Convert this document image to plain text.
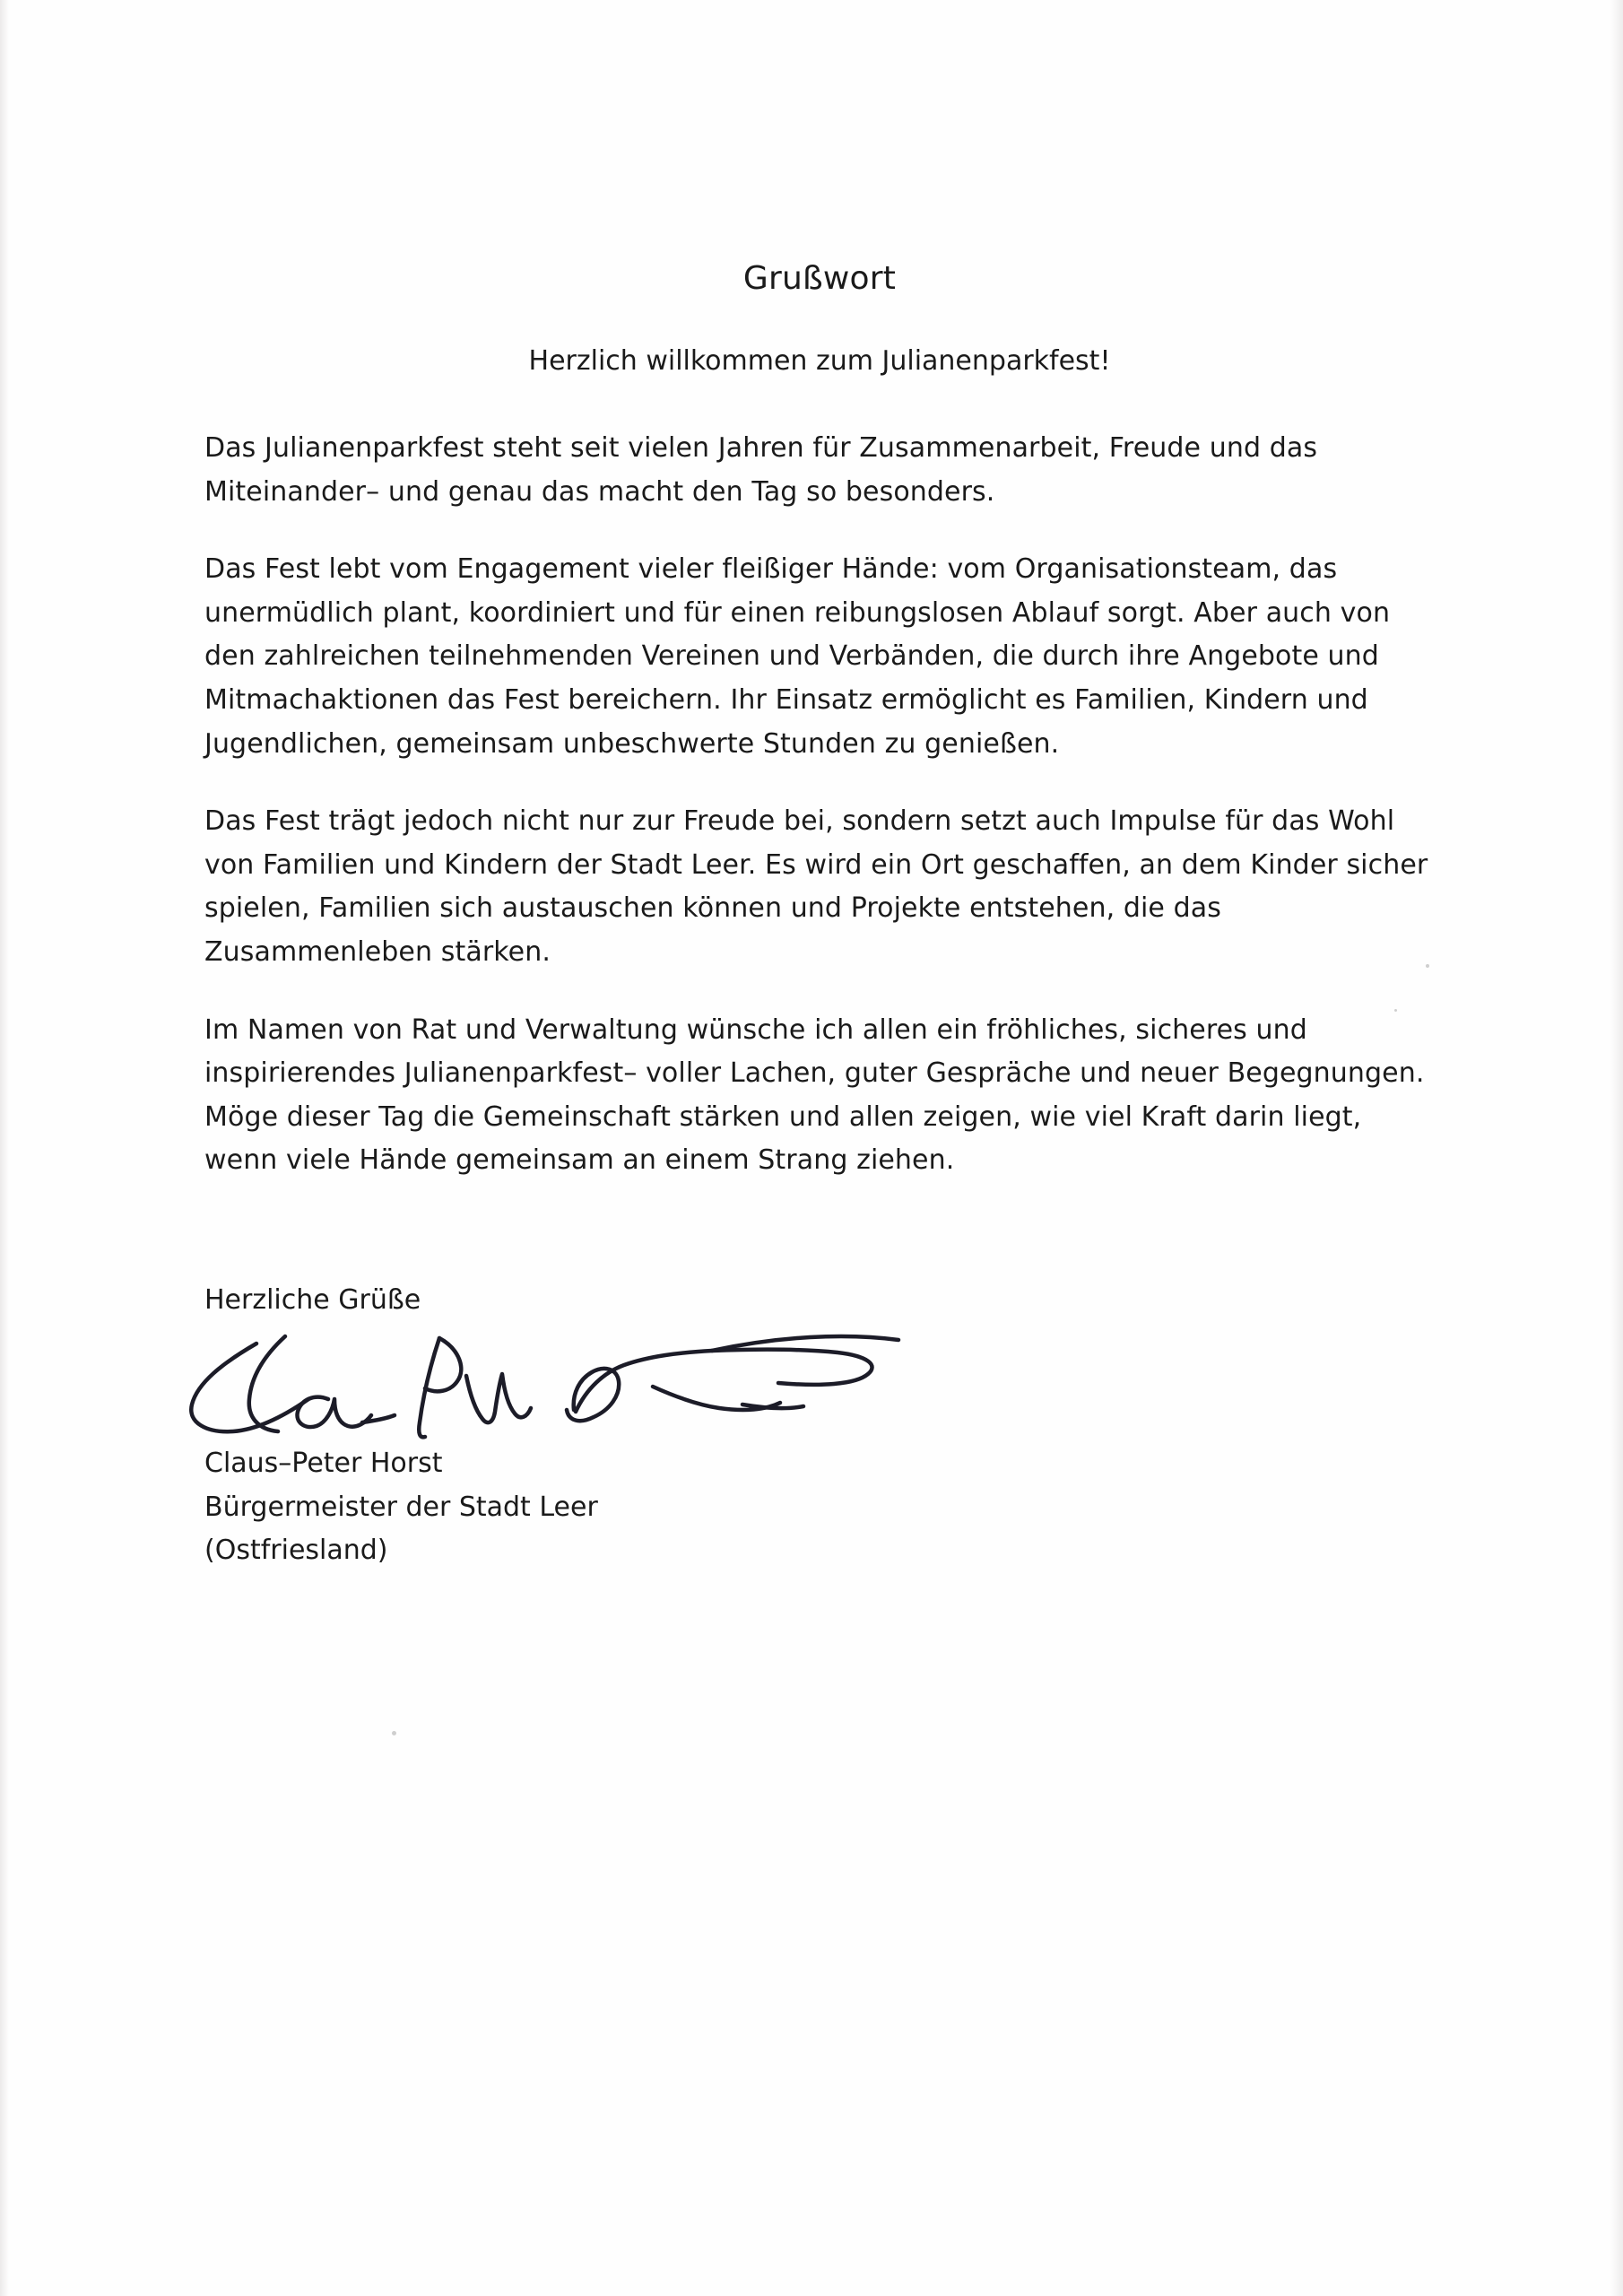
Grußwort

Herzlich willkommen zum Julianenparkfest!

Das Julianenparkfest steht seit vielen Jahren für Zusammenarbeit, Freude und das Miteinander– und genau das macht den Tag so besonders.

Das Fest lebt vom Engagement vieler fleißiger Hände: vom Organisationsteam, das unermüdlich plant, koordiniert und für einen reibungslosen Ablauf sorgt. Aber auch von den zahlreichen teilnehmenden Vereinen und Verbänden, die durch ihre Angebote und Mitmachaktionen das Fest bereichern. Ihr Einsatz ermöglicht es Familien, Kindern und Jugendlichen, gemeinsam unbeschwerte Stunden zu genießen.

Das Fest trägt jedoch nicht nur zur Freude bei, sondern setzt auch Impulse für das Wohl von Familien und Kindern der Stadt Leer. Es wird ein Ort geschaffen, an dem Kinder sicher spielen, Familien sich austauschen können und Projekte entstehen, die das Zusammenleben stärken.

Im Namen von Rat und Verwaltung wünsche ich allen ein fröhliches, sicheres und inspirierendes Julianenparkfest– voller Lachen, guter Gespräche und neuer Begegnungen. Möge dieser Tag die Gemeinschaft stärken und allen zeigen, wie viel Kraft darin liegt, wenn viele Hände gemeinsam an einem Strang ziehen.

Herzliche Grüße
Claus–Peter Horst
Bürgermeister der Stadt Leer
(Ostfriesland)
